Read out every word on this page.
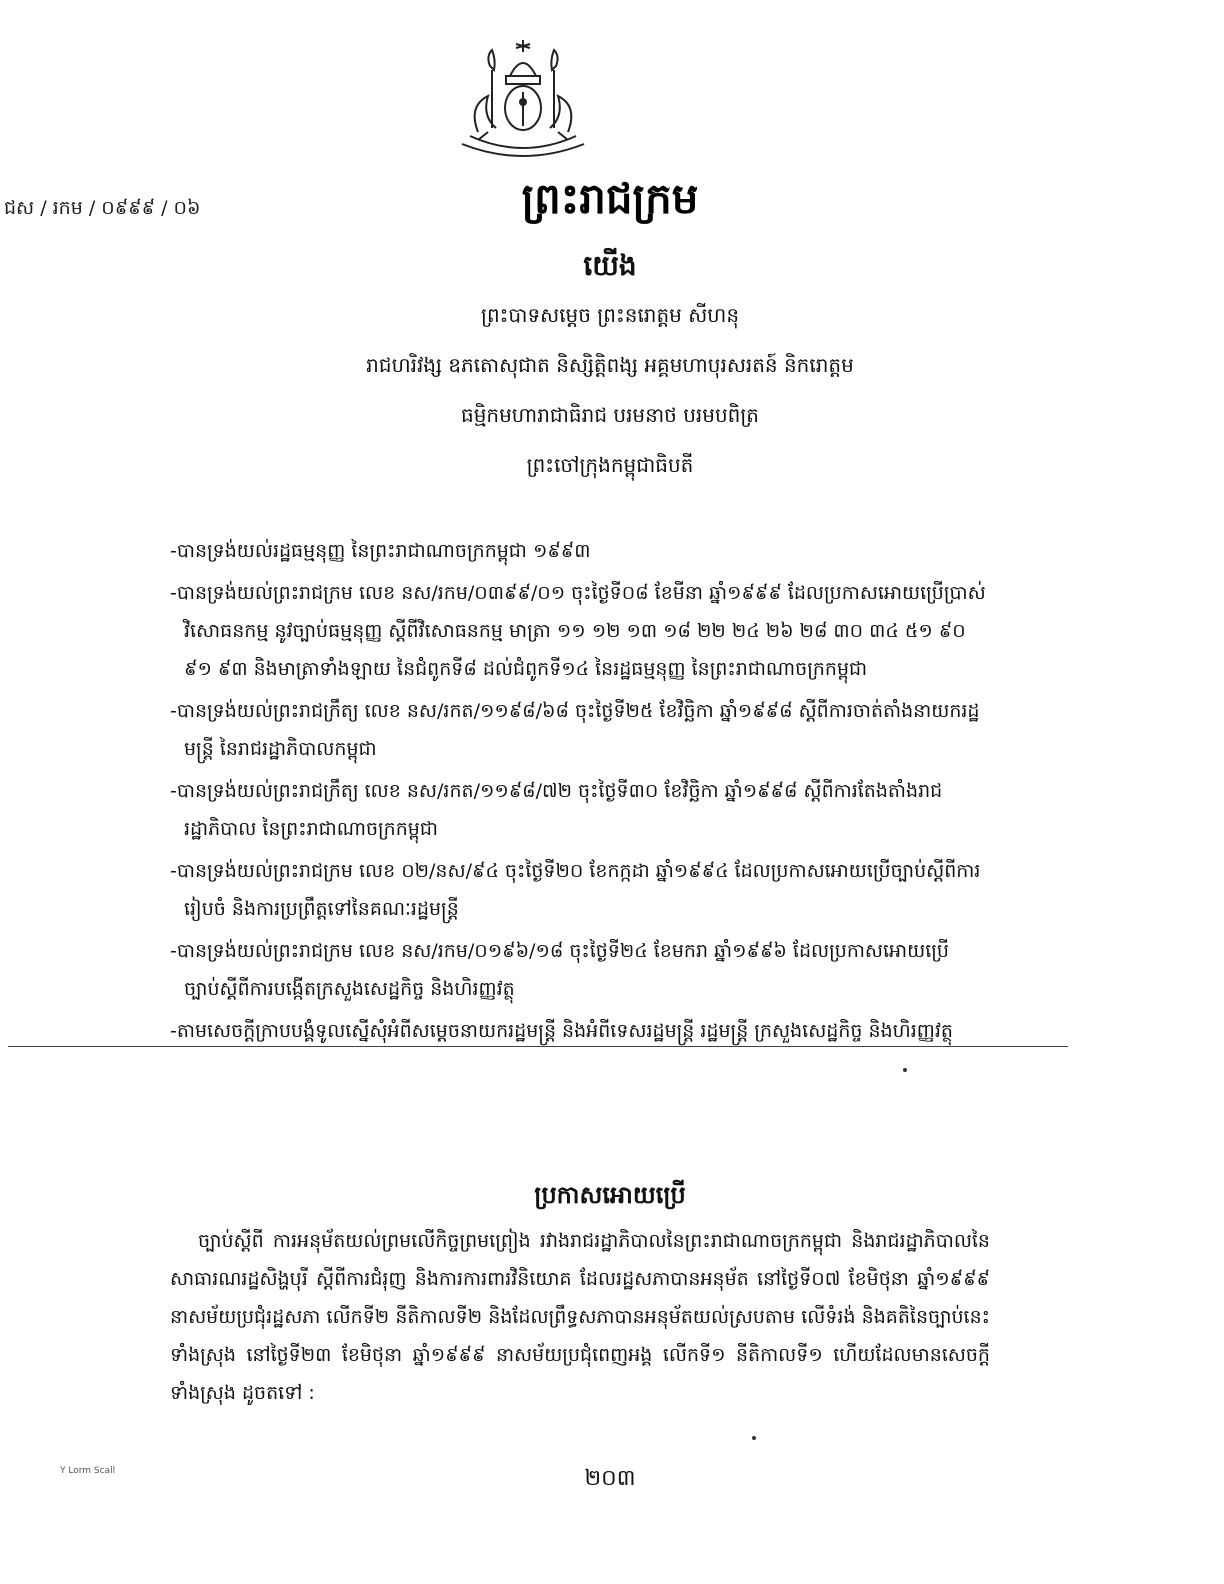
ជស / រកម / ០៩៩៩ / ០៦	ព្រះរាជក្រម
យើង
ព្រះបាទសម្តេច ព្រះនរោត្តម សីហនុ
រាជហរិវង្ស ឧភតោសុជាត និស្សិត្តិពង្ស អគ្គមហាបុរសរតន៍ និករោត្តម
ធម្មិកមហារាជាធិរាជ បរមនាថ បរមបពិត្រ
ព្រះចៅក្រុងកម្ពុជាធិបតី
-បានទ្រង់យល់រដ្ឋធម្មនុញ្ញ នៃព្រះរាជាណាចក្រកម្ពុជា ១៩៩៣
-បានទ្រង់យល់ព្រះរាជក្រម លេខ នស/រកម/០៣៩៩/០១ ចុះថ្ងៃទី០៨ ខែមីនា ឆ្នាំ១៩៩៩ ដែលប្រកាសអោយប្រើប្រាស់វិសោធនកម្ម នូវច្បាប់ធម្មនុញ្ញ ស្តីពីវិសោធនកម្ម មាត្រា ១១ ១២ ១៣ ១៨ ២២ ២៤ ២៦ ២៨ ៣០ ៣៤ ៥១ ៩០ ៩១ ៩៣ និងមាត្រាទាំងឡាយ នៃជំពូកទី៨ ដល់ជំពូកទី១៤ នៃរដ្ឋធម្មនុញ្ញ នៃព្រះរាជាណាចក្រកម្ពុជា
-បានទ្រង់យល់ព្រះរាជក្រឹត្យ លេខ នស/រកត/១១៩៨/៦៨ ចុះថ្ងៃទី២៥ ខែវិច្ឆិកា ឆ្នាំ១៩៩៨ ស្តីពីការចាត់តាំងនាយករដ្ឋមន្ត្រី នៃរាជរដ្ឋាភិបាលកម្ពុជា
-បានទ្រង់យល់ព្រះរាជក្រឹត្យ លេខ នស/រកត/១១៩៨/៧២ ចុះថ្ងៃទី៣០ ខែវិច្ឆិកា ឆ្នាំ១៩៩៨ ស្តីពីការតែងតាំងរាជរដ្ឋាភិបាល នៃព្រះរាជាណាចក្រកម្ពុជា
-បានទ្រង់យល់ព្រះរាជក្រម លេខ ០២/នស/៩៤ ចុះថ្ងៃទី២០ ខែកក្កដា ឆ្នាំ១៩៩៤ ដែលប្រកាសអោយប្រើច្បាប់ស្តីពីការរៀបចំ និងការប្រព្រឹត្តទៅនៃគណៈរដ្ឋមន្ត្រី
-បានទ្រង់យល់ព្រះរាជក្រម លេខ នស/រកម/០១៩៦/១៨ ចុះថ្ងៃទី២៤ ខែមករា ឆ្នាំ១៩៩៦ ដែលប្រកាសអោយប្រើ ច្បាប់ស្តីពីការបង្កើតក្រសួងសេដ្ឋកិច្ច និងហិរញ្ញវត្ថុ
-តាមសេចក្តីក្រាបបង្គំទូលស្នើសុំអំពីសម្តេចនាយករដ្ឋមន្ត្រី និងអំពីទេសរដ្ឋមន្ត្រី រដ្ឋមន្ត្រី ក្រសួងសេដ្ឋកិច្ច និងហិរញ្ញវត្ថុ
ប្រកាសអោយប្រើ
ច្បាប់ស្តីពី ការអនុម័តយល់ព្រមលើកិច្ចព្រមព្រៀង រវាងរាជរដ្ឋាភិបាលនៃព្រះរាជាណាចក្រកម្ពុជា និងរាជរដ្ឋាភិបាលនៃសាធារណរដ្ឋសិង្ហបុរី ស្តីពីការជំរុញ និងការការពារវិនិយោគ ដែលរដ្ឋសភាបានអនុម័ត នៅថ្ងៃទី០៧ ខែមិថុនា ឆ្នាំ១៩៩៩ នាសម័យប្រជុំរដ្ឋសភា លើកទី២ នីតិកាលទី២ និងដែលព្រឹទ្ធសភាបានអនុម័តយល់ស្របតាម លើទំរង់ និងគតិនៃច្បាប់នេះទាំងស្រុង នៅថ្ងៃទី២៣ ខែមិថុនា ឆ្នាំ១៩៩៩ នាសម័យប្រជុំពេញអង្គ លើកទី១ នីតិកាលទី១ ហើយដែលមានសេចក្តីទាំងស្រុង ដូចតទៅ :
Y Lorm Scall	២០៣
